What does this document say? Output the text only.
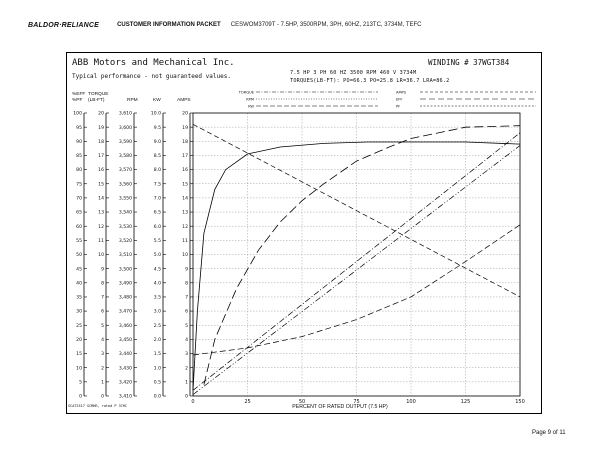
BALDOR·RELIANCE	CUSTOMER INFORMATION PACKET CESWOM3709T - 7.5HP, 3500RPM, 3PH, 60HZ, 213TC, 3734M, TEFC
ABB Motors and Mechanical Inc.
Typical performance - not guaranteed values.
WINDING # 37WGT384
7.5 HP 3 PH 60 HZ 3500 RPM 460 V 3734M
TORQUES(LB-FT): PO=66.3 PO=25.8 LR=36.7 LRA=86.2
%EFF
%PF
TORQUE
(LB-FT)	RPM	KW	AMPS
0	25	50	75	100	125	150
100
95
90
85
80
75
70
65
60
55
50
45
40
35
30
25
20
15
10
5
0
20
19
18
17
16
15
14
13
12
11
10
9
8
7
6
5
4
3
2
1
0
3,610
3,600
3,590
3,580
3,570
3,560
3,550
3,540
3,530
3,520
3,510
3,500
3,490
3,480
3,470
3,460
3,450
3,440
3,430
3,420
3,410
10.0
9.5
9.0
8.5
8.0
7.5
7.0
6.5
6.0
5.5
5.0
4.5
4.0
3.5
3.0
2.5
2.0
1.5
1.0
0.5
0.0
20
19
18
17
16
15
14
13
12
11
10
9
8
7
6
5
4
3
2
1
0
TORQUE
RPM
KW
AMPS
EFF
PF
PERCENT OF RATED OUTPUT (7.5 HP)
SCAT2517 SCMHR, rated P 37HC
Page 9 of 11
